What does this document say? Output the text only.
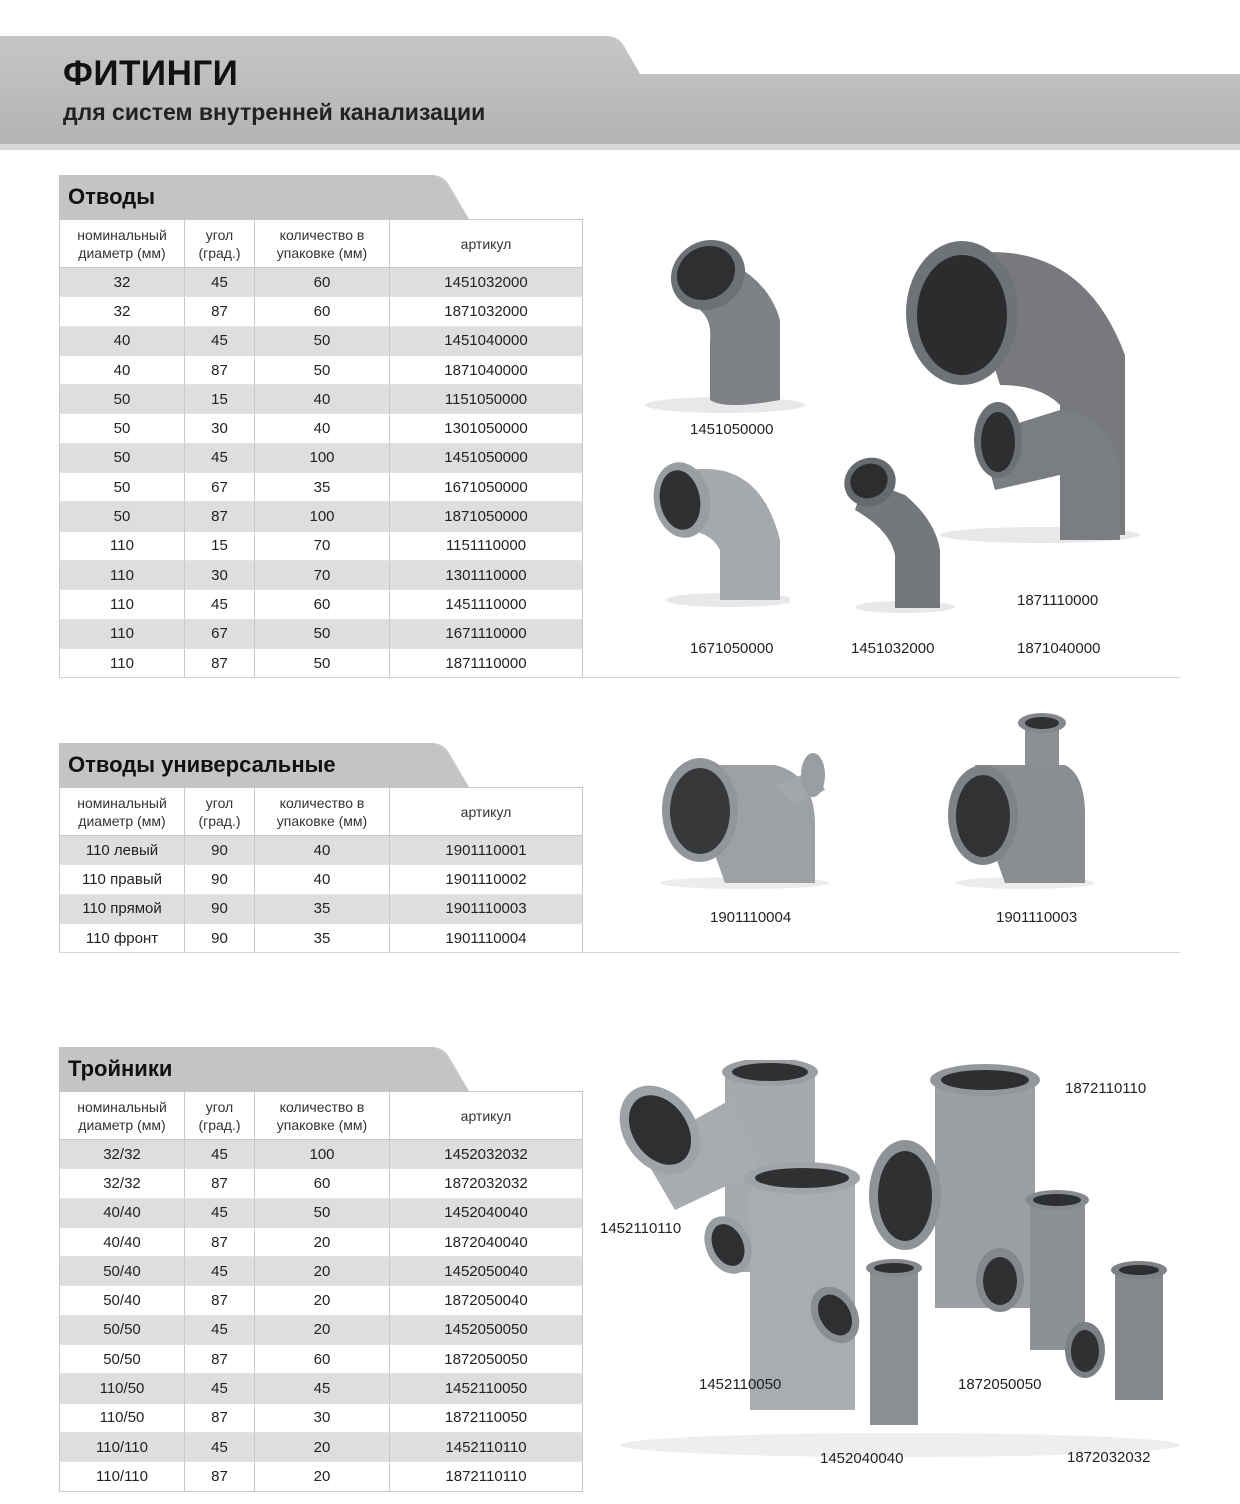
ФИТИНГИ
для систем внутренней канализации
Отводы
номинальный диаметр (мм)	угол (град.)	количество в упаковке (мм)	артикул
32	45	60	1451032000
32	87	60	1871032000
40	45	50	1451040000
40	87	50	1871040000
50	15	40	1151050000
50	30	40	1301050000
50	45	100	1451050000
50	67	35	1671050000
50	87	100	1871050000
110	15	70	1151110000
110	30	70	1301110000
110	45	60	1451110000
110	67	50	1671110000
110	87	50	1871110000
1451050000
1871110000
1671050000	1451032000	1871040000
Отводы универсальные
номинальный диаметр (мм)	угол (град.)	количество в упаковке (мм)	артикул
110 левый	90	40	1901110001
110 правый	90	40	1901110002
110 прямой	90	35	1901110003
110 фронт	90	35	1901110004
1901110004	1901110003
Тройники
номинальный диаметр (мм)	угол (град.)	количество в упаковке (мм)	артикул
32/32	45	100	1452032032
32/32	87	60	1872032032
40/40	45	50	1452040040
40/40	87	20	1872040040
50/40	45	20	1452050040
50/40	87	20	1872050040
50/50	45	20	1452050050
50/50	87	60	1872050050
110/50	45	45	1452110050
110/50	87	30	1872110050
110/110	45	20	1452110110
110/110	87	20	1872110110
1872110110
1452110110
1452110050	1872050050
1452040040	1872032032
